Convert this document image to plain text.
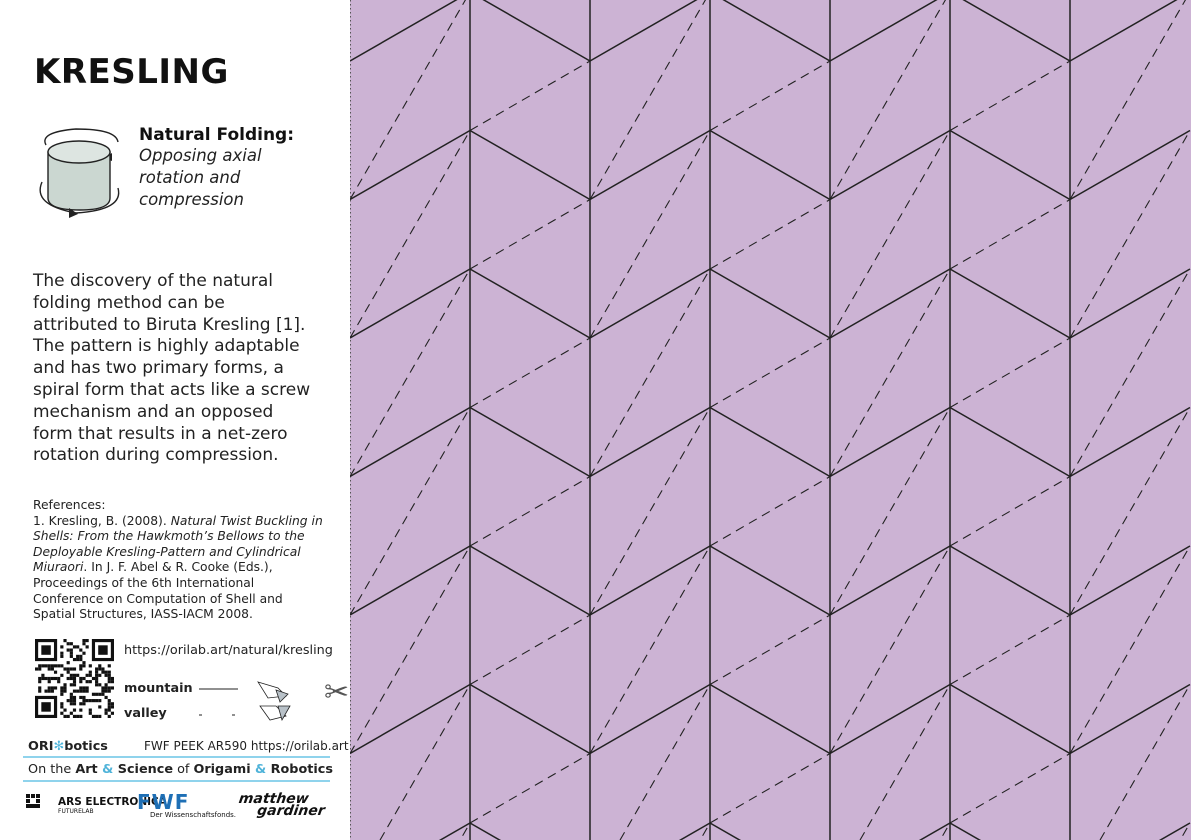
KRESLING
Natural Folding:
Opposing axial
rotation and
compression
The discovery of the natural folding method can be attributed to Biruta Kresling [1]. The pattern is highly adaptable and has two primary forms, a spiral form that acts like a screw mechanism and an opposed form that results in a net-zero rotation during compression.
References:
1. Kresling, B. (2008). Natural Twist Buckling in Shells: From the Hawkmoth’s Bellows to the Deployable Kresling-Pattern and Cylindrical Miuraori. In J. F. Abel & R. Cooke (Eds.), Proceedings of the 6th International Conference on Computation of Shell and Spatial Structures, IASS-IACM 2008.
https://orilab.art/natural/kresling
mountain
valley
✂
ORI✻botics	FWF PEEK AR590 https://orilab.art
On the Art & Science of Origami & Robotics
ARS ELECTRONICA
FUTURELAB FWF
Der Wissenschaftsfonds.
matthew
gardiner
